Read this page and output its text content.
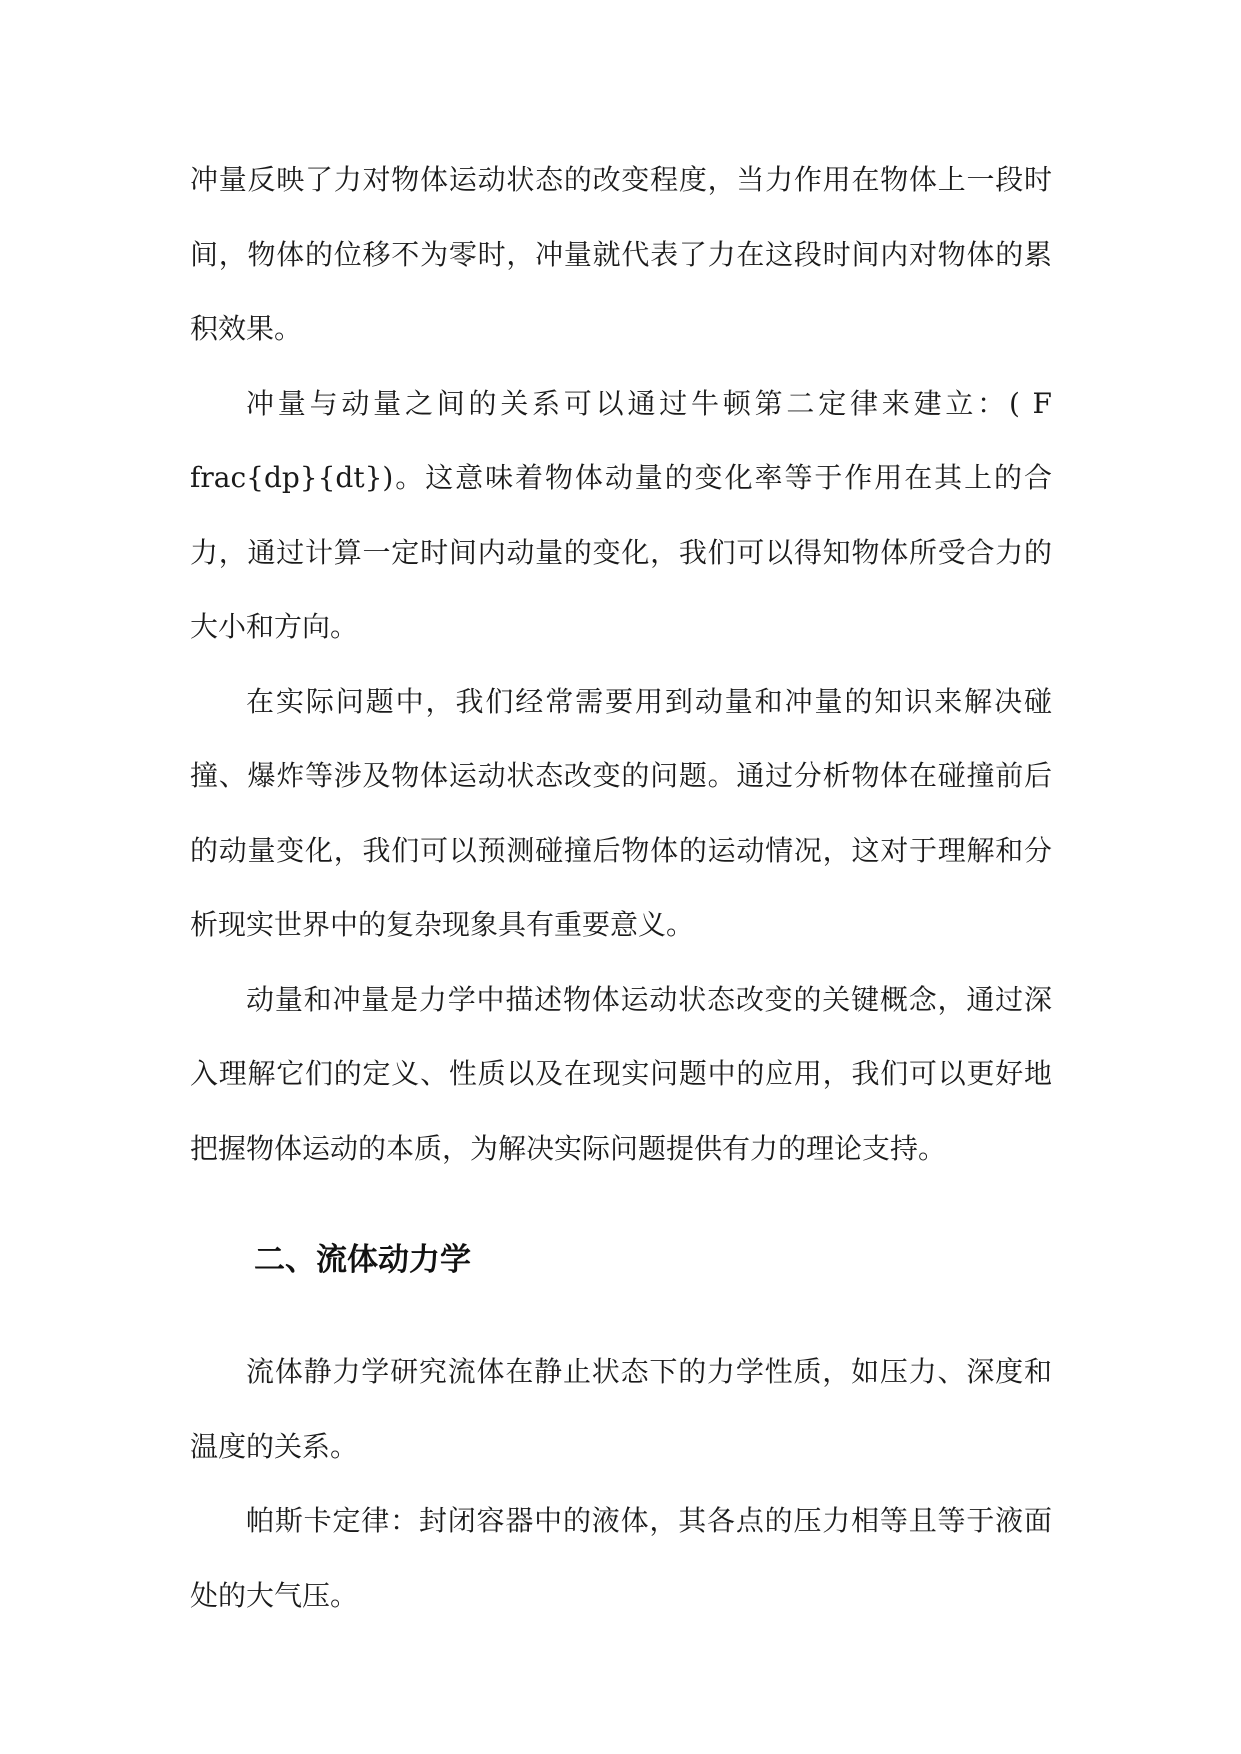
冲量反映了力对物体运动状态的改变程度，当力作用在物体上一段时间，物体的位移不为零时，冲量就代表了力在这段时间内对物体的累积效果。

冲量与动量之间的关系可以通过牛顿第二定律来建立：( F frac{dp}{dt})。这意味着物体动量的变化率等于作用在其上的合力，通过计算一定时间内动量的变化，我们可以得知物体所受合力的大小和方向。

在实际问题中，我们经常需要用到动量和冲量的知识来解决碰撞、爆炸等涉及物体运动状态改变的问题。通过分析物体在碰撞前后的动量变化，我们可以预测碰撞后物体的运动情况，这对于理解和分析现实世界中的复杂现象具有重要意义。

动量和冲量是力学中描述物体运动状态改变的关键概念，通过深入理解它们的定义、性质以及在现实问题中的应用，我们可以更好地把握物体运动的本质，为解决实际问题提供有力的理论支持。

二、流体动力学

流体静力学研究流体在静止状态下的力学性质，如压力、深度和温度的关系。

帕斯卡定律：封闭容器中的液体，其各点的压力相等且等于液面处的大气压。
